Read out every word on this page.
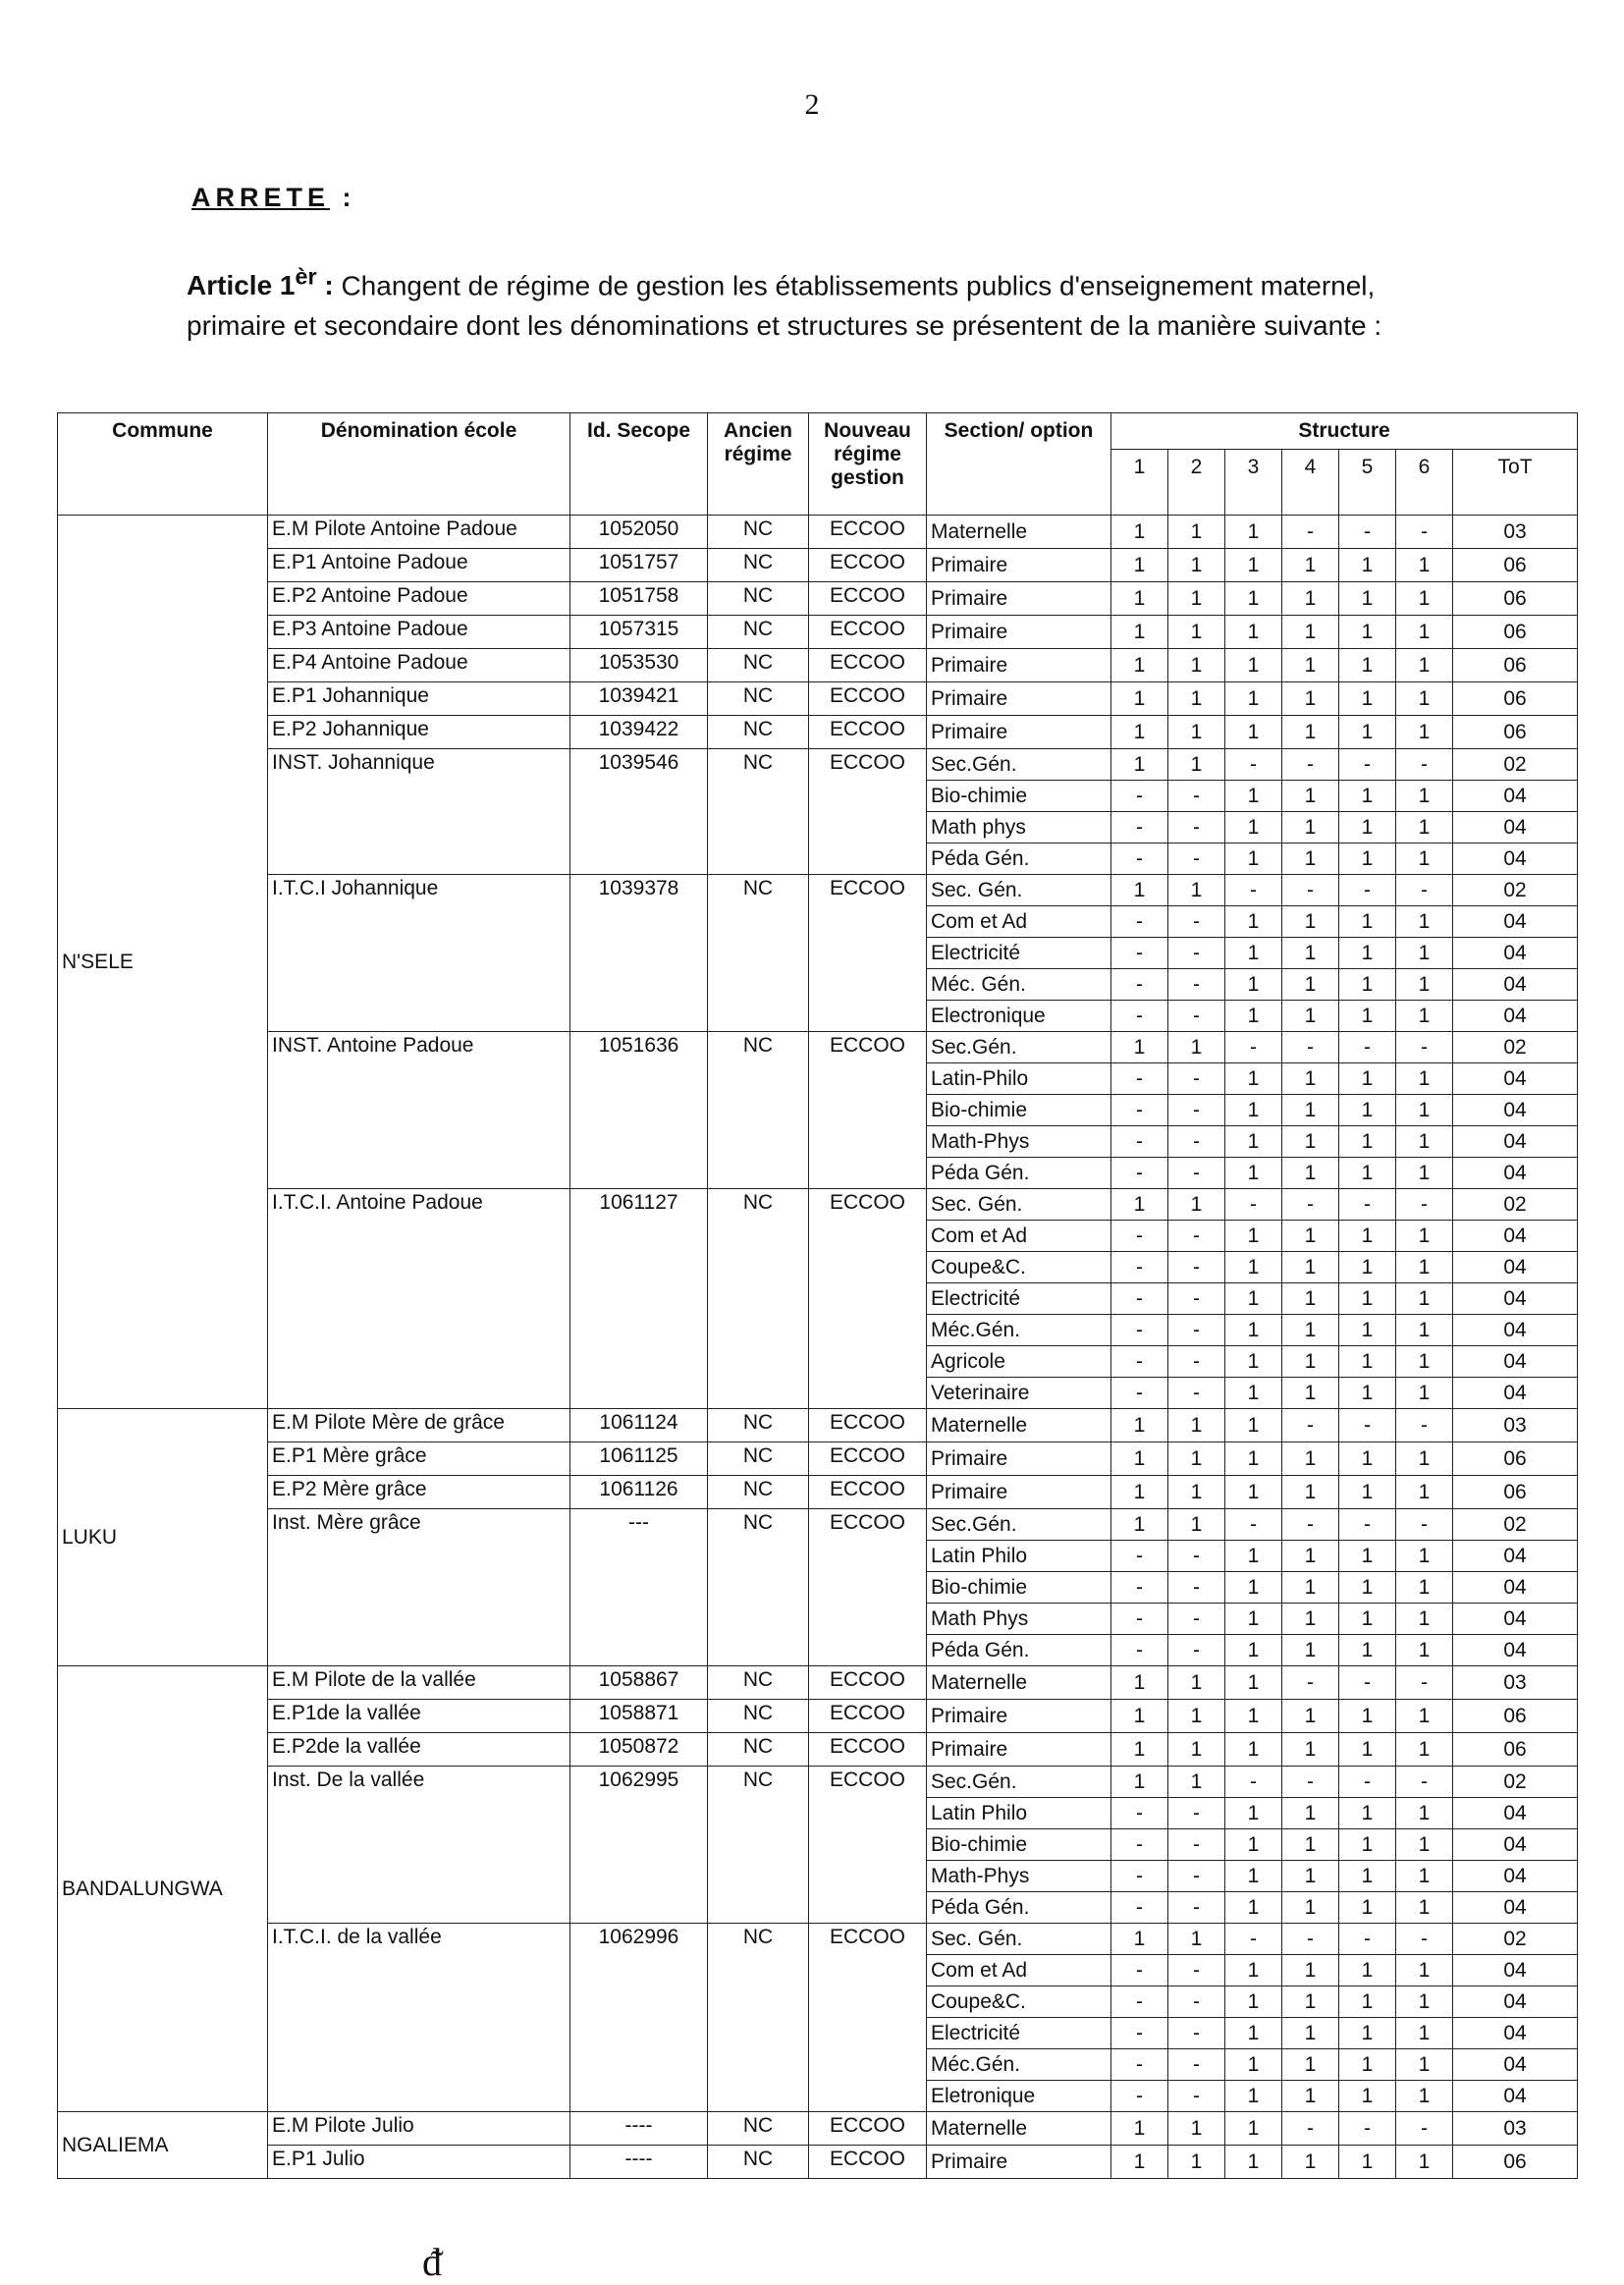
2
ARRETE :
Article $1^{èr}$ : Changent de régime de gestion les établissements publics d'enseignement maternel, primaire et secondaire dont les dénominations et structures se présentent de la manière suivante :
Commune	Dénomination école	Id. Secope	Ancien régime	Nouveau régime gestion	Section/ option	Structure						
						1	2	3	4	5	6	ToT
N'SELE	E.M Pilote Antoine Padoue	1052050	NC	ECCOO	Maternelle	1	1	1	-	-	-	03
	E.P1 Antoine Padoue	1051757	NC	ECCOO	Primaire	1	1	1	1	1	1	06
	E.P2 Antoine Padoue	1051758	NC	ECCOO	Primaire	1	1	1	1	1	1	06
	E.P3 Antoine Padoue	1057315	NC	ECCOO	Primaire	1	1	1	1	1	1	06
	E.P4 Antoine Padoue	1053530	NC	ECCOO	Primaire	1	1	1	1	1	1	06
	E.P1 Johannique	1039421	NC	ECCOO	Primaire	1	1	1	1	1	1	06
	E.P2 Johannique	1039422	NC	ECCOO	Primaire	1	1	1	1	1	1	06
	INST. Johannique	1039546	NC	ECCOO	Sec.Gén.	1	1	-	-	-	-	02
					Bio-chimie	-	-	1	1	1	1	04
					Math phys	-	-	1	1	1	1	04
					Péda Gén.	-	-	1	1	1	1	04
	I.T.C.I Johannique	1039378	NC	ECCOO	Sec. Gén.	1	1	-	-	-	-	02
					Com et Ad	-	-	1	1	1	1	04
					Electricité	-	-	1	1	1	1	04
					Méc. Gén.	-	-	1	1	1	1	04
					Electronique	-	-	1	1	1	1	04
	INST. Antoine Padoue	1051636	NC	ECCOO	Sec.Gén.	1	1	-	-	-	-	02
					Latin-Philo	-	-	1	1	1	1	04
					Bio-chimie	-	-	1	1	1	1	04
					Math-Phys	-	-	1	1	1	1	04
					Péda Gén.	-	-	1	1	1	1	04
	I.T.C.I. Antoine Padoue	1061127	NC	ECCOO	Sec. Gén.	1	1	-	-	-	-	02
					Com et Ad	-	-	1	1	1	1	04
					Coupe&C.	-	-	1	1	1	1	04
					Electricité	-	-	1	1	1	1	04
					Méc.Gén.	-	-	1	1	1	1	04
					Agricole	-	-	1	1	1	1	04
					Veterinaire	-	-	1	1	1	1	04
LUKU	E.M Pilote Mère de grâce	1061124	NC	ECCOO	Maternelle	1	1	1	-	-	-	03
	E.P1 Mère grâce	1061125	NC	ECCOO	Primaire	1	1	1	1	1	1	06
	E.P2 Mère grâce	1061126	NC	ECCOO	Primaire	1	1	1	1	1	1	06
	Inst. Mère grâce	---	NC	ECCOO	Sec.Gén.	1	1	-	-	-	-	02
					Latin Philo	-	-	1	1	1	1	04
					Bio-chimie	-	-	1	1	1	1	04
					Math Phys	-	-	1	1	1	1	04
					Péda Gén.	-	-	1	1	1	1	04
BANDALUNGWA	E.M Pilote de la vallée	1058867	NC	ECCOO	Maternelle	1	1	1	-	-	-	03
	E.P1de la vallée	1058871	NC	ECCOO	Primaire	1	1	1	1	1	1	06
	E.P2de la vallée	1050872	NC	ECCOO	Primaire	1	1	1	1	1	1	06
	Inst. De la vallée	1062995	NC	ECCOO	Sec.Gén.	1	1	-	-	-	-	02
					Latin Philo	-	-	1	1	1	1	04
					Bio-chimie	-	-	1	1	1	1	04
					Math-Phys	-	-	1	1	1	1	04
					Péda Gén.	-	-	1	1	1	1	04
	I.T.C.I. de la vallée	1062996	NC	ECCOO	Sec. Gén.	1	1	-	-	-	-	02
					Com et Ad	-	-	1	1	1	1	04
					Coupe&C.	-	-	1	1	1	1	04
					Electricité	-	-	1	1	1	1	04
					Méc.Gén.	-	-	1	1	1	1	04
					Eletronique	-	-	1	1	1	1	04
NGALIEMA	E.M Pilote Julio	----	NC	ECCOO	Maternelle	1	1	1	-	-	-	03
	E.P1 Julio	----	NC	ECCOO	Primaire	1	1	1	1	1	1	06
ᵭ
